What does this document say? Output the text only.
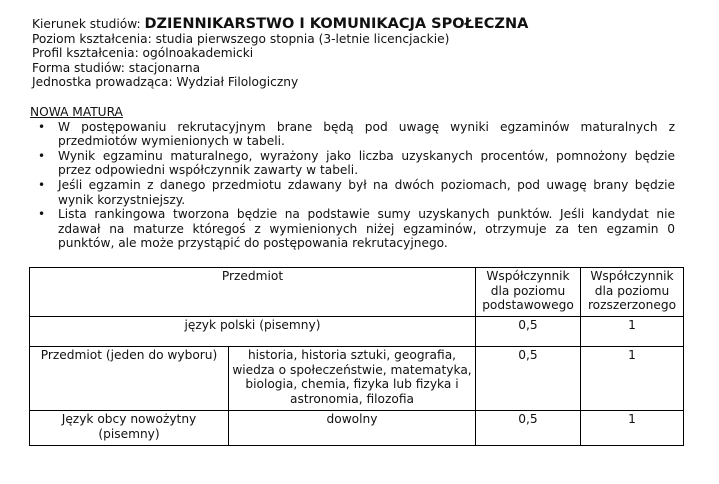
Kierunek studiów: DZIENNIKARSTWO I KOMUNIKACJA SPOŁECZNA
Poziom kształcenia: studia pierwszego stopnia (3-letnie licencjackie)
Profil kształcenia: ogólnoakademicki
Forma studiów: stacjonarna
Jednostka prowadząca: Wydział Filologiczny
NOWA MATURA
• W postępowaniu rekrutacyjnym brane będą pod uwagę wyniki egzaminów maturalnych z przedmiotów wymienionych w tabeli.
• Wynik egzaminu maturalnego, wyrażony jako liczba uzyskanych procentów, pomnożony będzie przez odpowiedni współczynnik zawarty w tabeli.
• Jeśli egzamin z danego przedmiotu zdawany był na dwóch poziomach, pod uwagę brany będzie wynik korzystniejszy.
• Lista rankingowa tworzona będzie na podstawie sumy uzyskanych punktów. Jeśli kandydat nie zdawał na maturze któregoś z wymienionych niżej egzaminów, otrzymuje za ten egzamin 0 punktów, ale może przystąpić do postępowania rekrutacyjnego.
Przedmiot		Współczynnik dla poziomu podstawowego	Współczynnik dla poziomu rozszerzonego
język polski (pisemny)		0,5	1
Przedmiot (jeden do wyboru)	historia, historia sztuki, geografia, wiedza o społeczeństwie, matematyka, biologia, chemia, fizyka lub fizyka i astronomia, filozofia	0,5	1
Język obcy nowożytny (pisemny)	dowolny	0,5	1
